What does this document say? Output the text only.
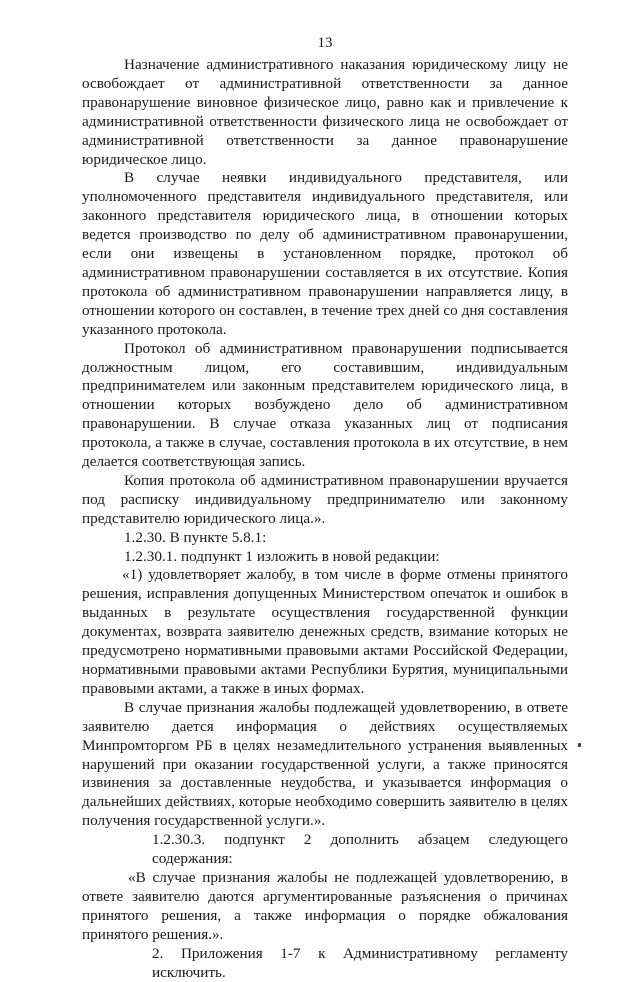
13

Назначение административного наказания юридическому лицу не освобождает от административной ответственности за данное правонарушение виновное физическое лицо, равно как и привлечение к административной ответственности физического лица не освобождает от административной ответственности за данное правонарушение юридическое лицо.

В случае неявки индивидуального представителя, или уполномоченного представителя индивидуального представителя, или законного представителя юридического лица, в отношении которых ведется производство по делу об административном правонарушении, если они извещены в установленном порядке, протокол об административном правонарушении составляется в их отсутствие. Копия протокола об административном правонарушении направляется лицу, в отношении которого он составлен, в течение трех дней со дня составления указанного протокола.

Протокол об административном правонарушении подписывается должностным лицом, его составившим, индивидуальным предпринимателем или законным представителем юридического лица, в отношении которых возбуждено дело об административном правонарушении. В случае отказа указанных лиц от подписания протокола, а также в случае, составления протокола в их отсутствие, в нем делается соответствующая запись.

Копия протокола об административном правонарушении вручается под расписку индивидуальному предпринимателю или законному представителю юридического лица.».

1.2.30. В пункте 5.8.1:

1.2.30.1. подпункт 1 изложить в новой редакции:

«1) удовлетворяет жалобу, в том числе в форме отмены принятого решения, исправления допущенных Министерством опечаток и ошибок в выданных в результате осуществления государственной функции документах, возврата заявителю денежных средств, взимание которых не предусмотрено нормативными правовыми актами Российской Федерации, нормативными правовыми актами Республики Бурятия, муниципальными правовыми актами, а также в иных формах.

В случае признания жалобы подлежащей удовлетворению, в ответе заявителю дается информация о действиях осуществляемых Минпромторгом РБ в целях незамедлительного устранения выявленных нарушений при оказании государственной услуги, а также приносятся извинения за доставленные неудобства, и указывается информация о дальнейших действиях, которые необходимо совершить заявителю в целях получения государственной услуги.».

1.2.30.3. подпункт 2 дополнить абзацем следующего содержания:

«В случае признания жалобы не подлежащей удовлетворению, в ответе заявителю даются аргументированные разъяснения о причинах принятого решения, а также информация о порядке обжалования принятого решения.».

2. Приложения 1-7 к Административному регламенту исключить.
